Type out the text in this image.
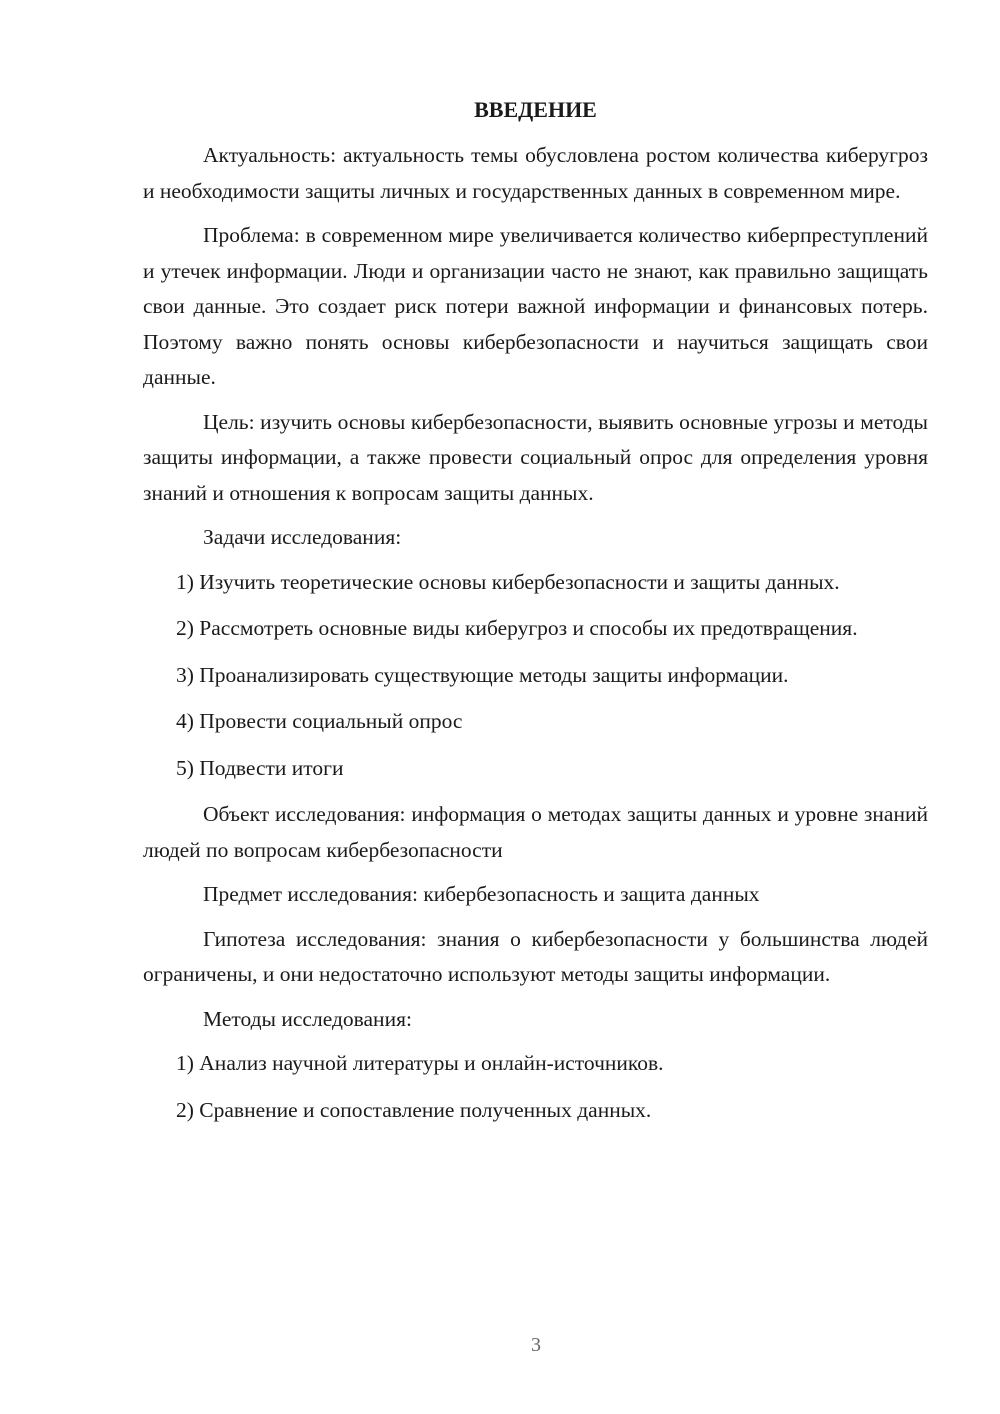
ВВЕДЕНИЕ

Актуальность: актуальность темы обусловлена ростом количества киберугроз и необходимости защиты личных и государственных данных в современном мире.

Проблема: в современном мире увеличивается количество киберпреступлений и утечек информации. Люди и организации часто не знают, как правильно защищать свои данные. Это создает риск потери важной информации и финансовых потерь. Поэтому важно понять основы кибербезопасности и научиться защищать свои данные.

Цель: изучить основы кибербезопасности, выявить основные угрозы и методы защиты информации, а также провести социальный опрос для определения уровня знаний и отношения к вопросам защиты данных.

Задачи исследования:

1) Изучить теоретические основы кибербезопасности и защиты данных.

2) Рассмотреть основные виды киберугроз и способы их предотвращения.

3) Проанализировать существующие методы защиты информации.

4) Провести социальный опрос

5) Подвести итоги

Объект исследования: информация о методах защиты данных и уровне знаний людей по вопросам кибербезопасности

Предмет исследования: кибербезопасность и защита данных

Гипотеза исследования: знания о кибербезопасности у большинства людей ограничены, и они недостаточно используют методы защиты информации.

Методы исследования:

1) Анализ научной литературы и онлайн-источников.

2) Сравнение и сопоставление полученных данных.

3
